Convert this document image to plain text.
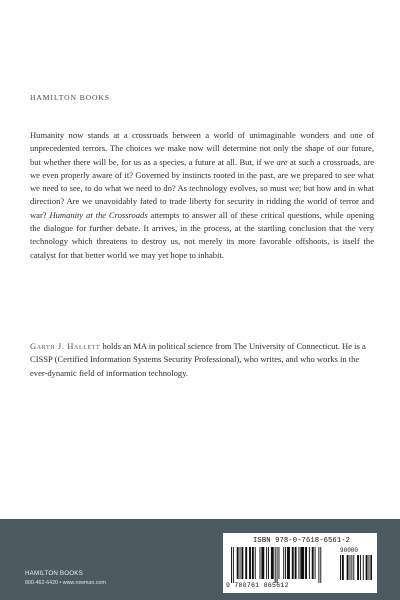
HAMILTON BOOKS

Humanity now stands at a crossroads between a world of unimaginable wonders and one of unprecedented terrors. The choices we make now will determine not only the shape of our future, but whether there will be, for us as a species, a future at all. But, if we are at such a crossroads, are we even properly aware of it? Governed by instincts rooted in the past, are we prepared to see what we need to see, to do what we need to do? As technology evolves, so must we; but how and in what direction? Are we unavoidably fated to trade liberty for security in ridding the world of terror and war? Humanity at the Crossroads attempts to answer all of these critical questions, while opening the dialogue for further debate. It arrives, in the process, at the startling conclusion that the very technology which threatens to destroy us, not merely its more favorable offshoots, is itself the catalyst for that better world we may yet hope to inhabit.

Garth J. Hallett holds an MA in political science from The University of Connecticut. He is a CISSP (Certified Information Systems Security Professional), who writes, and who works in the ever-dynamic field of information technology.

HAMILTON BOOKS
800-462-6420 • www.rowman.com
ISBN 978-0-7618-6561-2
90000
9 780761 865612
